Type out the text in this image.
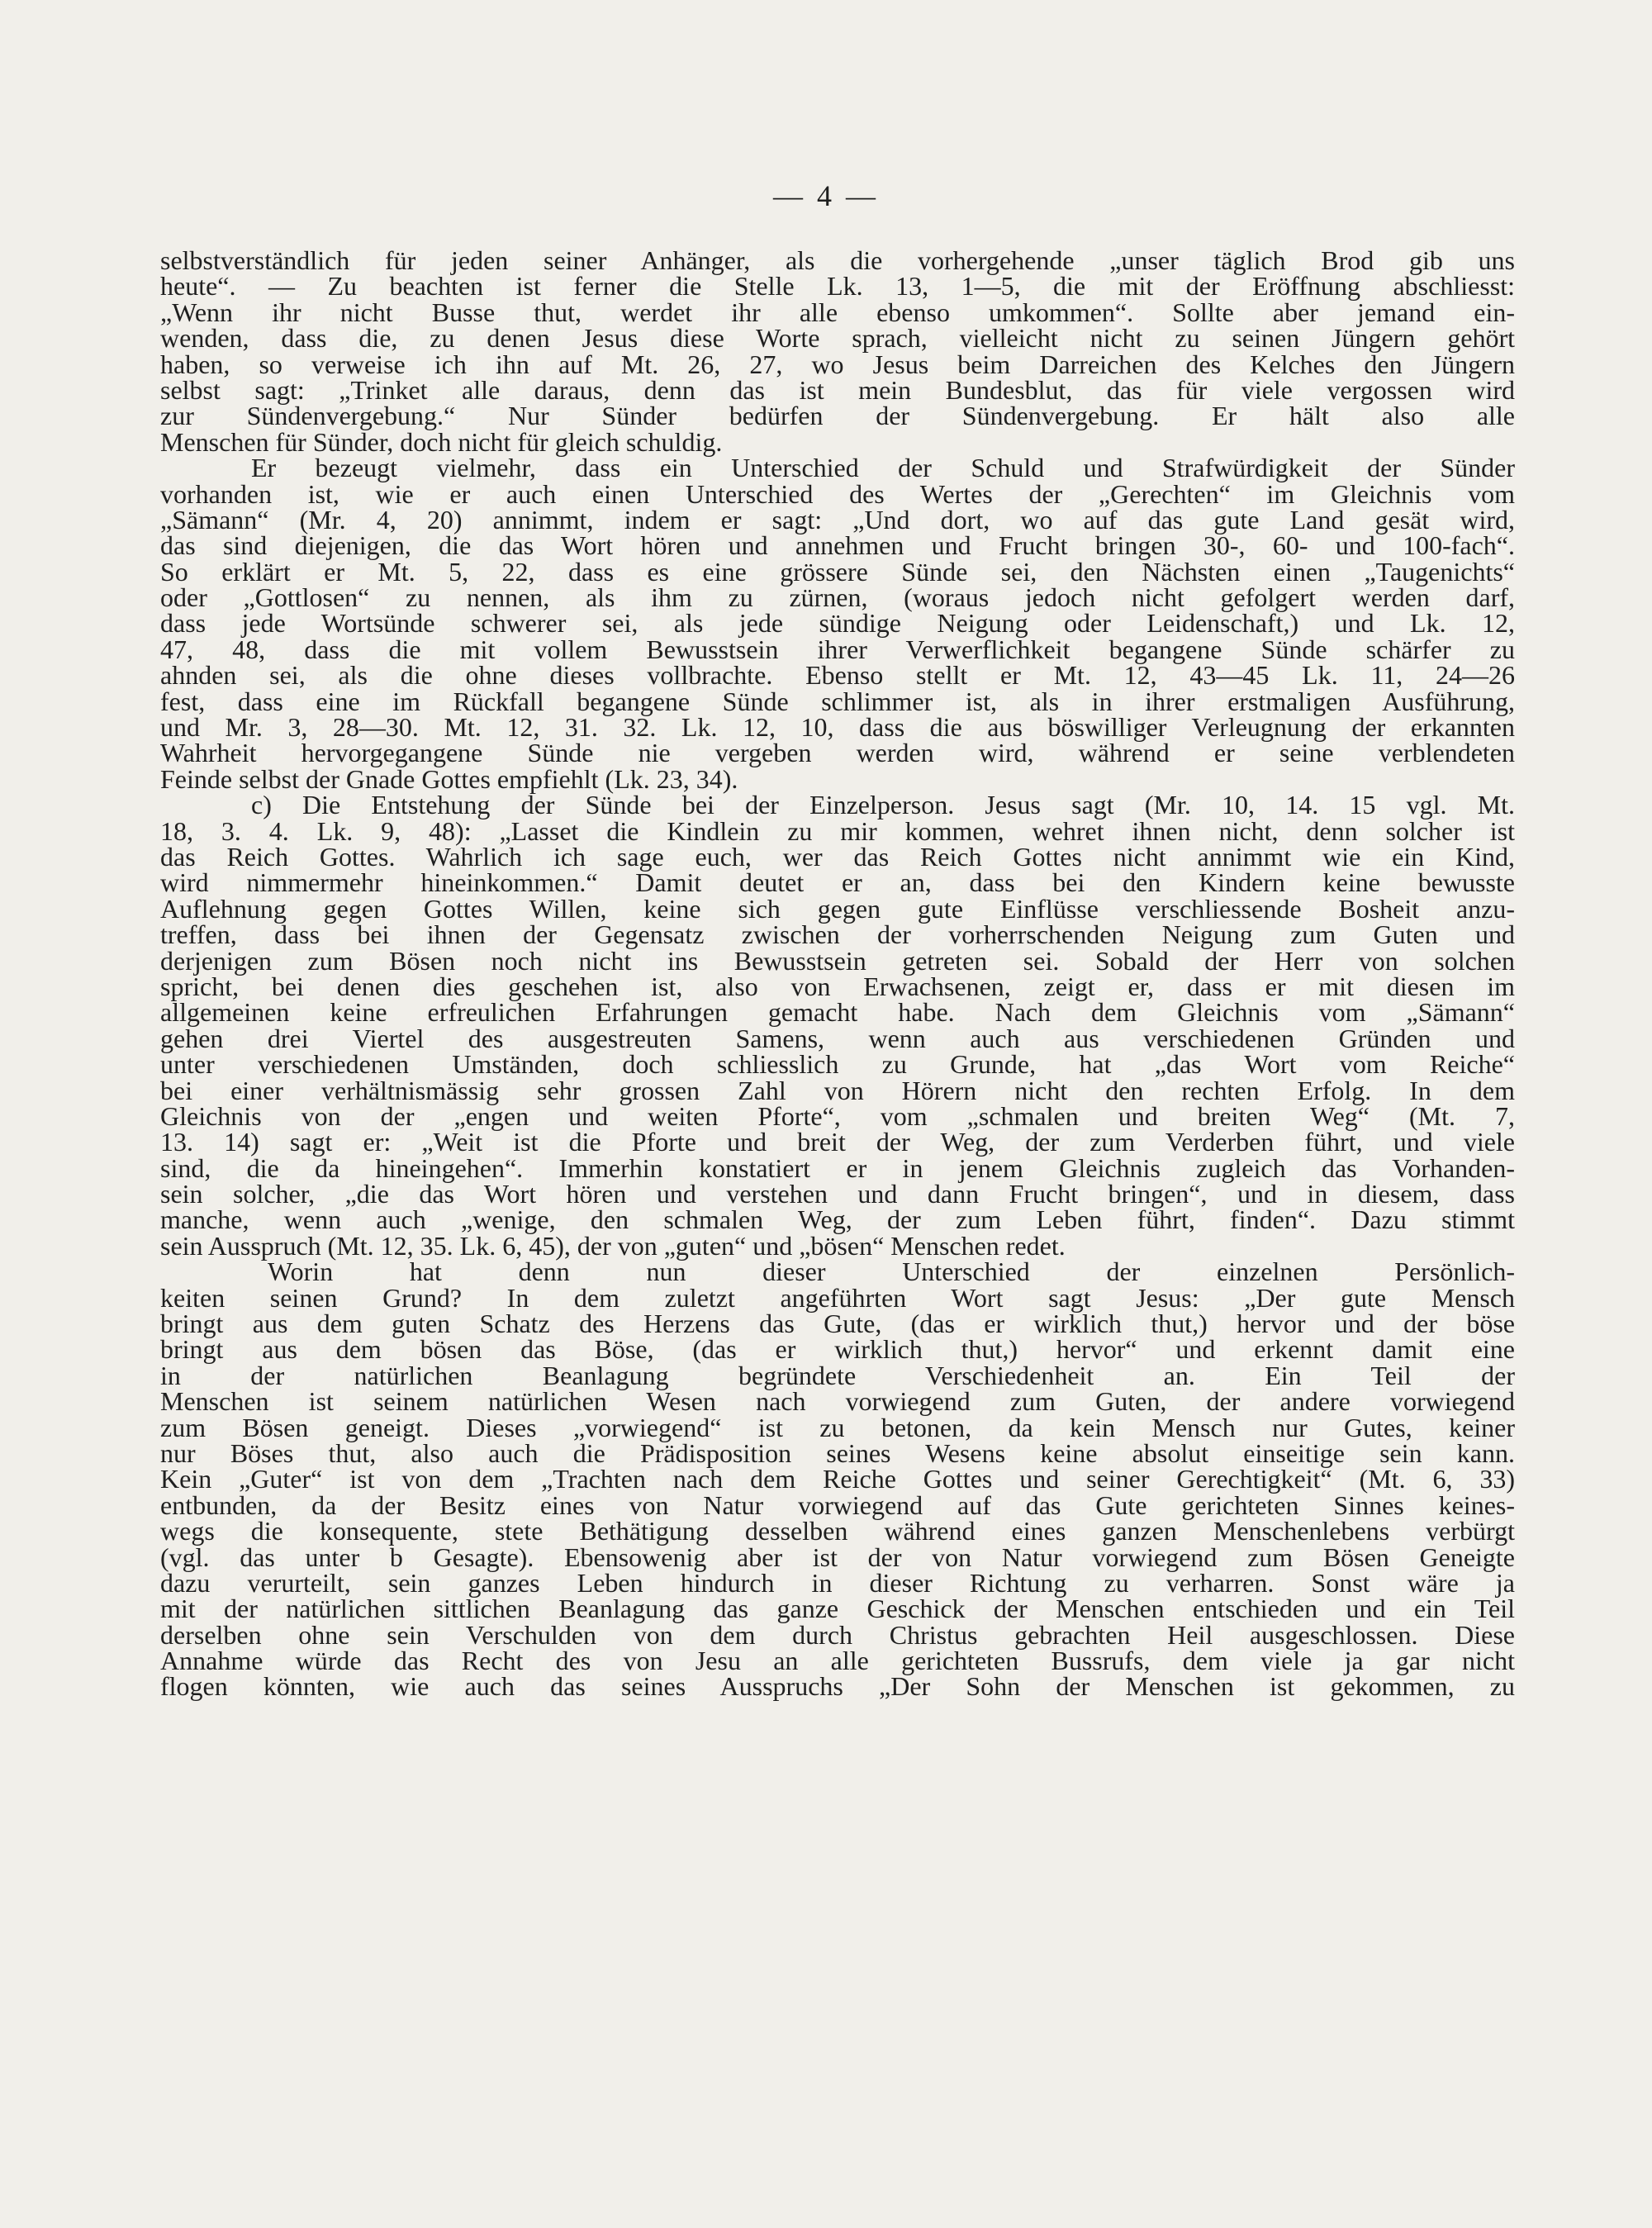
— 4 —
selbstverständlich für jeden seiner Anhänger, als die vorhergehende „unser täglich Brod gib uns
heute“. — Zu beachten ist ferner die Stelle Lk. 13, 1—5, die mit der Eröffnung abschliesst:
„Wenn ihr nicht Busse thut, werdet ihr alle ebenso umkommen“. Sollte aber jemand ein-
wenden, dass die, zu denen Jesus diese Worte sprach, vielleicht nicht zu seinen Jüngern gehört
haben, so verweise ich ihn auf Mt. 26, 27, wo Jesus beim Darreichen des Kelches den Jüngern
selbst sagt: „Trinket alle daraus, denn das ist mein Bundesblut, das für viele vergossen wird
zur Sündenvergebung.“ Nur Sünder bedürfen der Sündenvergebung. Er hält also alle
Menschen für Sünder, doch nicht für gleich schuldig.
Er bezeugt vielmehr, dass ein Unterschied der Schuld und Strafwürdigkeit der Sünder
vorhanden ist, wie er auch einen Unterschied des Wertes der „Gerechten“ im Gleichnis vom
„Sämann“ (Mr. 4, 20) annimmt, indem er sagt: „Und dort, wo auf das gute Land gesät wird,
das sind diejenigen, die das Wort hören und annehmen und Frucht bringen 30-, 60- und 100-fach“.
So erklärt er Mt. 5, 22, dass es eine grössere Sünde sei, den Nächsten einen „Taugenichts“
oder „Gottlosen“ zu nennen, als ihm zu zürnen, (woraus jedoch nicht gefolgert werden darf,
dass jede Wortsünde schwerer sei, als jede sündige Neigung oder Leidenschaft,) und Lk. 12,
47, 48, dass die mit vollem Bewusstsein ihrer Verwerflichkeit begangene Sünde schärfer zu
ahnden sei, als die ohne dieses vollbrachte. Ebenso stellt er Mt. 12, 43—45 Lk. 11, 24—26
fest, dass eine im Rückfall begangene Sünde schlimmer ist, als in ihrer erstmaligen Ausführung,
und Mr. 3, 28—30. Mt. 12, 31. 32. Lk. 12, 10, dass die aus böswilliger Verleugnung der erkannten
Wahrheit hervorgegangene Sünde nie vergeben werden wird, während er seine verblendeten
Feinde selbst der Gnade Gottes empfiehlt (Lk. 23, 34).
c) Die Entstehung der Sünde bei der Einzelperson. Jesus sagt (Mr. 10, 14. 15 vgl. Mt.
18, 3. 4. Lk. 9, 48): „Lasset die Kindlein zu mir kommen, wehret ihnen nicht, denn solcher ist
das Reich Gottes. Wahrlich ich sage euch, wer das Reich Gottes nicht annimmt wie ein Kind,
wird nimmermehr hineinkommen.“ Damit deutet er an, dass bei den Kindern keine bewusste
Auflehnung gegen Gottes Willen, keine sich gegen gute Einflüsse verschliessende Bosheit anzu-
treffen, dass bei ihnen der Gegensatz zwischen der vorherrschenden Neigung zum Guten und
derjenigen zum Bösen noch nicht ins Bewusstsein getreten sei. Sobald der Herr von solchen
spricht, bei denen dies geschehen ist, also von Erwachsenen, zeigt er, dass er mit diesen im
allgemeinen keine erfreulichen Erfahrungen gemacht habe. Nach dem Gleichnis vom „Sämann“
gehen drei Viertel des ausgestreuten Samens, wenn auch aus verschiedenen Gründen und
unter verschiedenen Umständen, doch schliesslich zu Grunde, hat „das Wort vom Reiche“
bei einer verhältnismässig sehr grossen Zahl von Hörern nicht den rechten Erfolg. In dem
Gleichnis von der „engen und weiten Pforte“, vom „schmalen und breiten Weg“ (Mt. 7,
13. 14) sagt er: „Weit ist die Pforte und breit der Weg, der zum Verderben führt, und viele
sind, die da hineingehen“. Immerhin konstatiert er in jenem Gleichnis zugleich das Vorhanden-
sein solcher, „die das Wort hören und verstehen und dann Frucht bringen“, und in diesem, dass
manche, wenn auch „wenige, den schmalen Weg, der zum Leben führt, finden“. Dazu stimmt
sein Ausspruch (Mt. 12, 35. Lk. 6, 45), der von „guten“ und „bösen“ Menschen redet.
Worin hat denn nun dieser Unterschied der einzelnen Persönlich-
keiten seinen Grund? In dem zuletzt angeführten Wort sagt Jesus: „Der gute Mensch
bringt aus dem guten Schatz des Herzens das Gute, (das er wirklich thut,) hervor und der böse
bringt aus dem bösen das Böse, (das er wirklich thut,) hervor“ und erkennt damit eine
in der natürlichen Beanlagung begründete Verschiedenheit an. Ein Teil der
Menschen ist seinem natürlichen Wesen nach vorwiegend zum Guten, der andere vorwiegend
zum Bösen geneigt. Dieses „vorwiegend“ ist zu betonen, da kein Mensch nur Gutes, keiner
nur Böses thut, also auch die Prädisposition seines Wesens keine absolut einseitige sein kann.
Kein „Guter“ ist von dem „Trachten nach dem Reiche Gottes und seiner Gerechtigkeit“ (Mt. 6, 33)
entbunden, da der Besitz eines von Natur vorwiegend auf das Gute gerichteten Sinnes keines-
wegs die konsequente, stete Bethätigung desselben während eines ganzen Menschenlebens verbürgt
(vgl. das unter b Gesagte). Ebensowenig aber ist der von Natur vorwiegend zum Bösen Geneigte
dazu verurteilt, sein ganzes Leben hindurch in dieser Richtung zu verharren. Sonst wäre ja
mit der natürlichen sittlichen Beanlagung das ganze Geschick der Menschen entschieden und ein Teil
derselben ohne sein Verschulden von dem durch Christus gebrachten Heil ausgeschlossen. Diese
Annahme würde das Recht des von Jesu an alle gerichteten Bussrufs, dem viele ja gar nicht
flogen könnten, wie auch das seines Ausspruchs „Der Sohn der Menschen ist gekommen, zu
